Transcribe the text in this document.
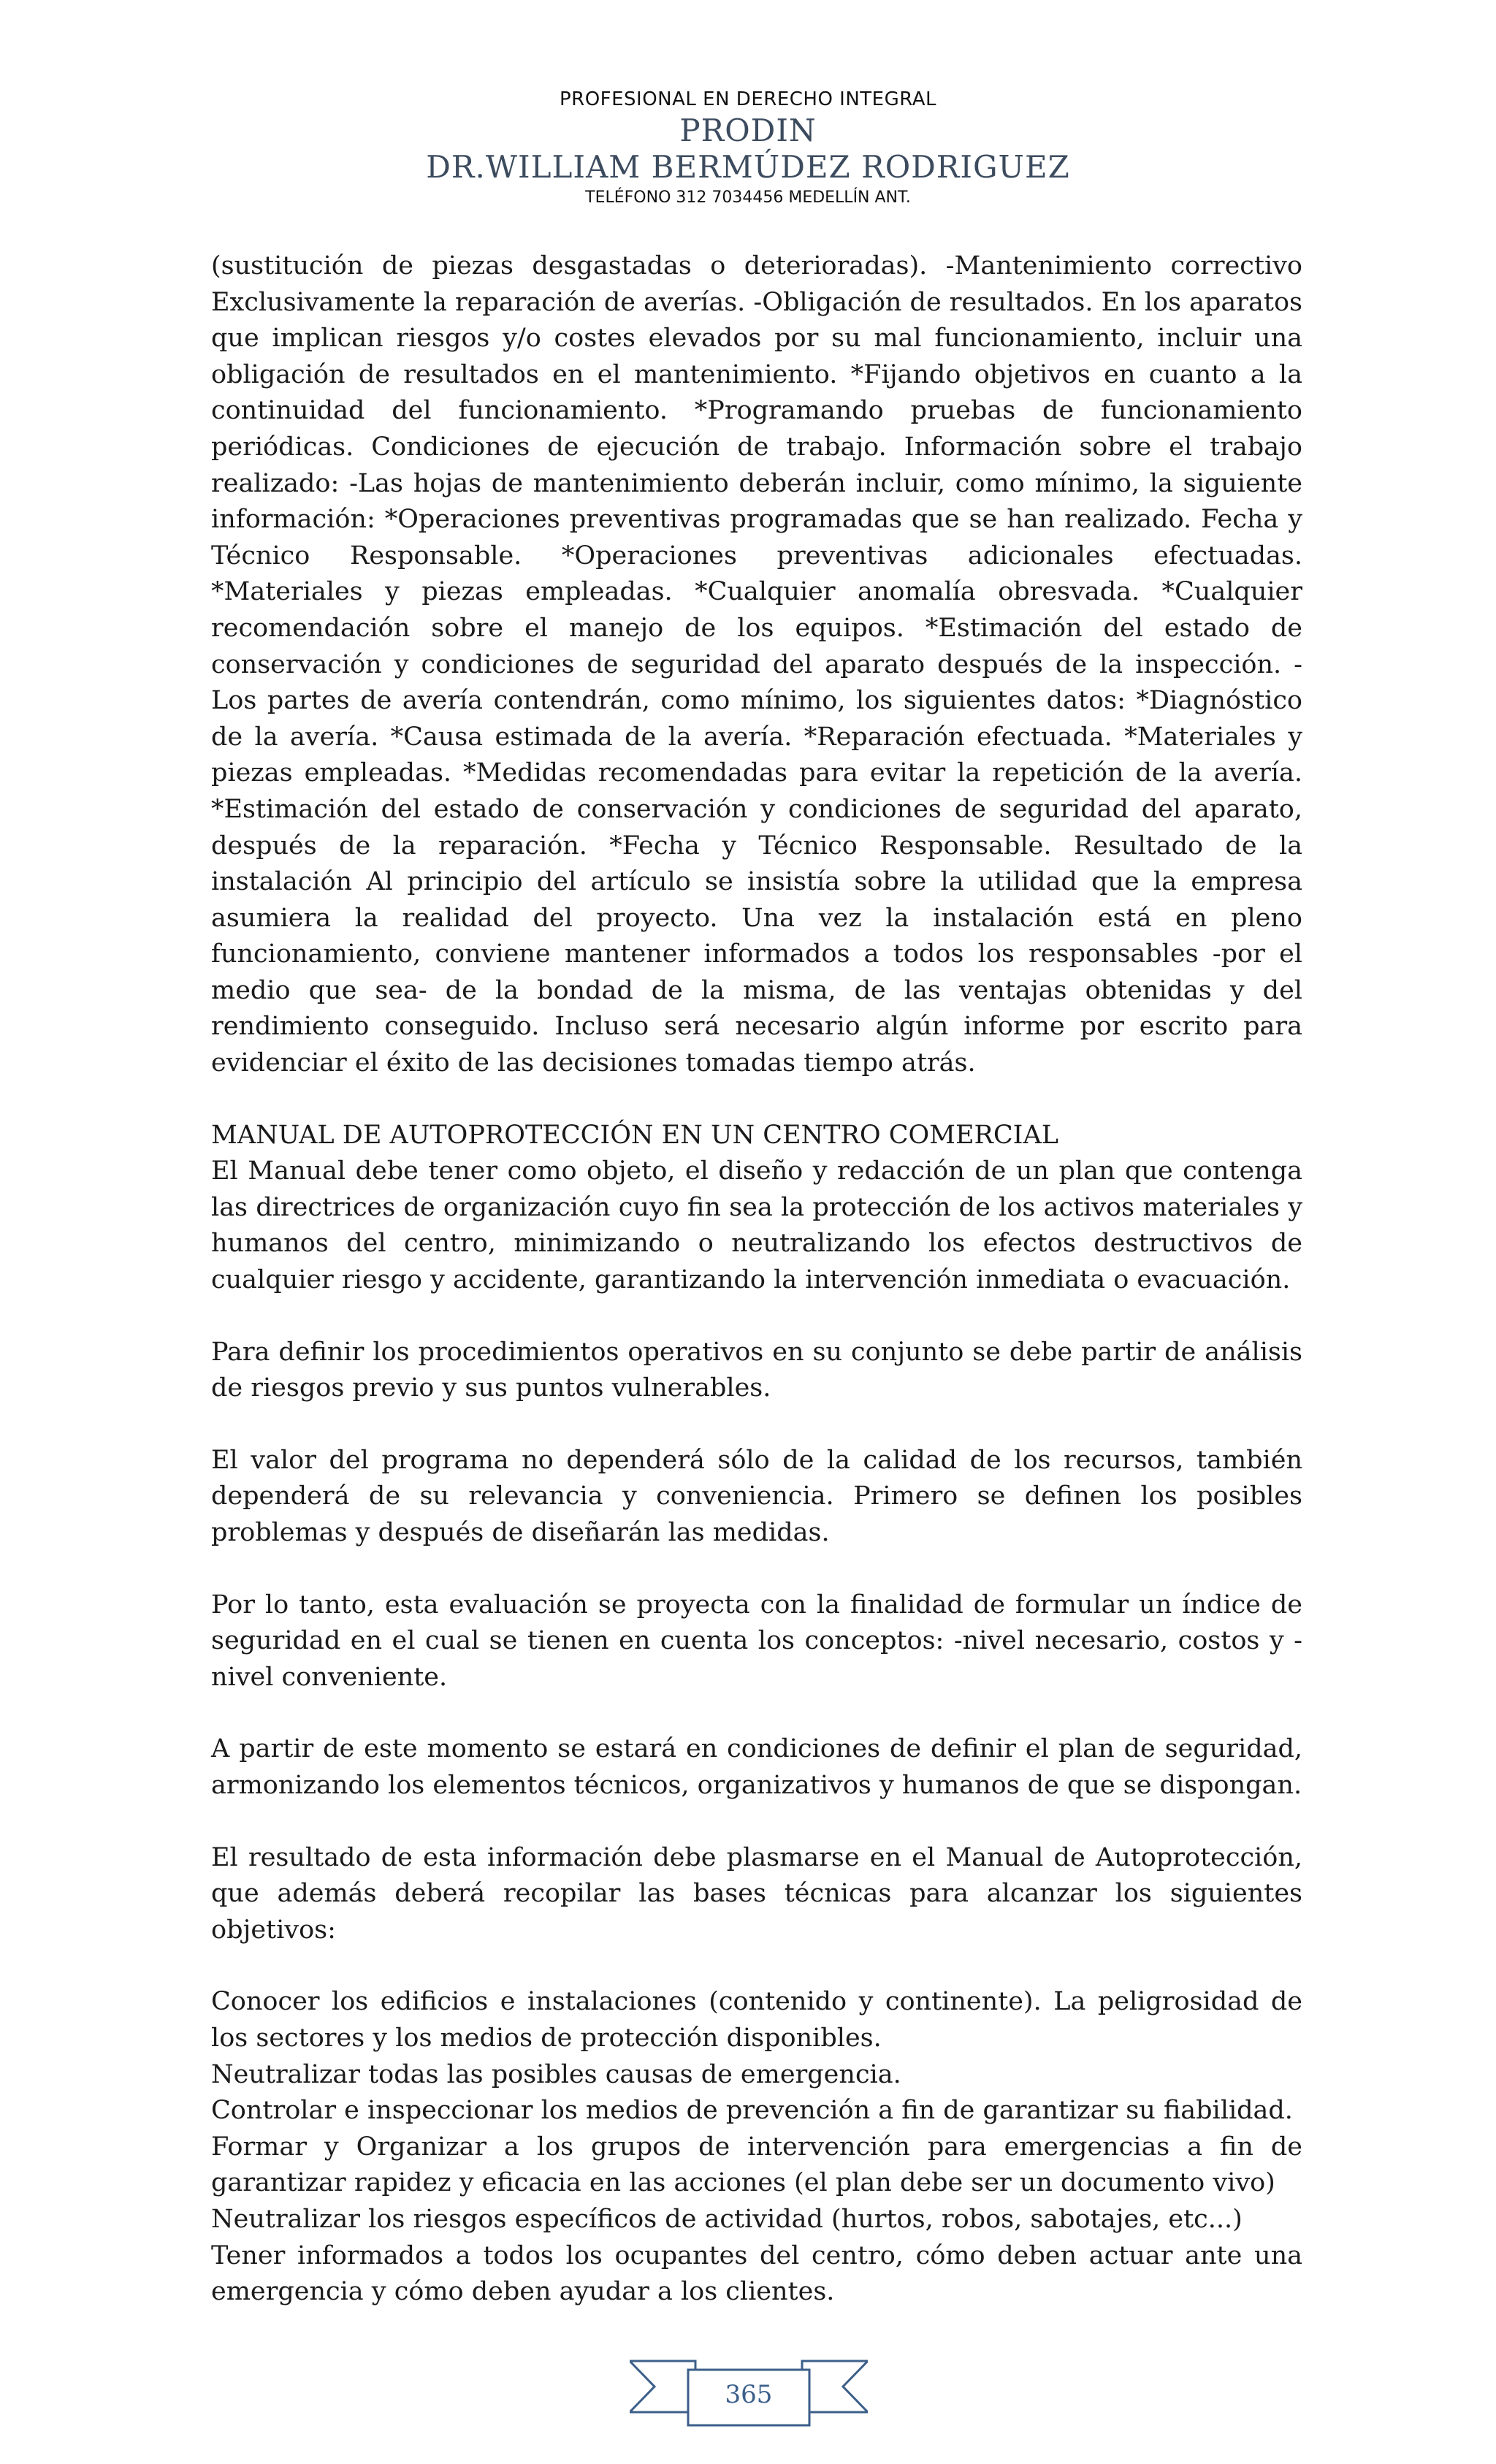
PROFESIONAL EN DERECHO INTEGRAL
PRODIN
DR.WILLIAM BERMÚDEZ RODRIGUEZ
TELÉFONO 312 7034456 MEDELLÍN ANT.

(sustitución de piezas desgastadas o deterioradas). -Mantenimiento correctivo Exclusivamente la reparación de averías. -Obligación de resultados. En los aparatos que implican riesgos y/o costes elevados por su mal funcionamiento, incluir una obligación de resultados en el mantenimiento. *Fijando objetivos en cuanto a la continuidad del funcionamiento. *Programando pruebas de funcionamiento periódicas. Condiciones de ejecución de trabajo. Información sobre el trabajo realizado: -Las hojas de mantenimiento deberán incluir, como mínimo, la siguiente información: *Operaciones preventivas programadas que se han realizado. Fecha y Técnico Responsable. *Operaciones preventivas adicionales efectuadas. *Materiales y piezas empleadas. *Cualquier anomalía obresvada. *Cualquier recomendación sobre el manejo de los equipos. *Estimación del estado de conservación y condiciones de seguridad del aparato después de la inspección. - Los partes de avería contendrán, como mínimo, los siguientes datos: *Diagnóstico de la avería. *Causa estimada de la avería. *Reparación efectuada. *Materiales y piezas empleadas. *Medidas recomendadas para evitar la repetición de la avería. *Estimación del estado de conservación y condiciones de seguridad del aparato, después de la reparación. *Fecha y Técnico Responsable. Resultado de la instalación Al principio del artículo se insistía sobre la utilidad que la empresa asumiera la realidad del proyecto. Una vez la instalación está en pleno funcionamiento, conviene mantener informados a todos los responsables -por el medio que sea- de la bondad de la misma, de las ventajas obtenidas y del rendimiento conseguido. Incluso será necesario algún informe por escrito para evidenciar el éxito de las decisiones tomadas tiempo atrás.

MANUAL DE AUTOPROTECCIÓN EN UN CENTRO COMERCIAL

El Manual debe tener como objeto, el diseño y redacción de un plan que contenga las directrices de organización cuyo fin sea la protección de los activos materiales y humanos del centro, minimizando o neutralizando los efectos destructivos de cualquier riesgo y accidente, garantizando la intervención inmediata o evacuación.

Para definir los procedimientos operativos en su conjunto se debe partir de análisis de riesgos previo y sus puntos vulnerables.

El valor del programa no dependerá sólo de la calidad de los recursos, también dependerá de su relevancia y conveniencia. Primero se definen los posibles problemas y después de diseñarán las medidas.

Por lo tanto, esta evaluación se proyecta con la finalidad de formular un índice de seguridad en el cual se tienen en cuenta los conceptos: -nivel necesario, costos y -nivel conveniente.

A partir de este momento se estará en condiciones de definir el plan de seguridad, armonizando los elementos técnicos, organizativos y humanos de que se dispongan.

El resultado de esta información debe plasmarse en el Manual de Autoprotección, que además deberá recopilar las bases técnicas para alcanzar los siguientes objetivos:

Conocer los edificios e instalaciones (contenido y continente). La peligrosidad de los sectores y los medios de protección disponibles.

Neutralizar todas las posibles causas de emergencia.

Controlar e inspeccionar los medios de prevención a fin de garantizar su fiabilidad.

Formar y Organizar a los grupos de intervención para emergencias a fin de garantizar rapidez y eficacia en las acciones (el plan debe ser un documento vivo)

Neutralizar los riesgos específicos de actividad (hurtos, robos, sabotajes, etc...)

Tener informados a todos los ocupantes del centro, cómo deben actuar ante una emergencia y cómo deben ayudar a los clientes.

365
